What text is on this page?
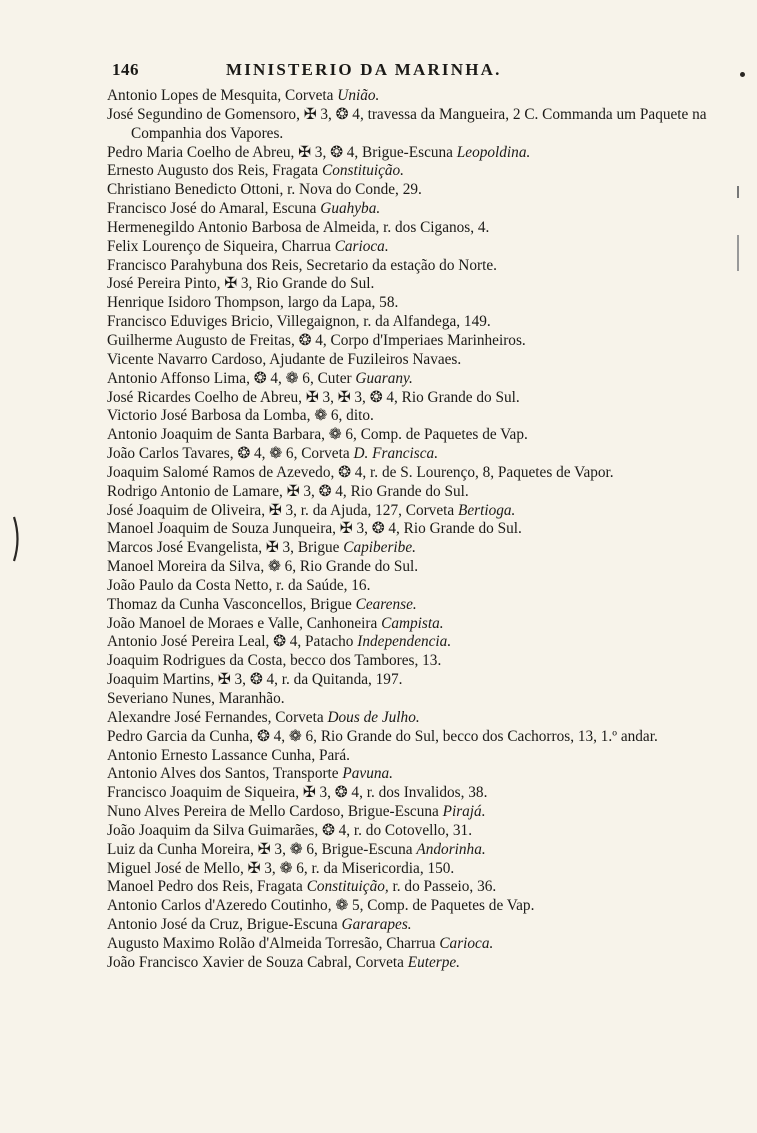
146	MINISTERIO DA MARINHA.

Antonio Lopes de Mesquita, Corveta União.

José Segundino de Gomensoro, ✠ 3, ❂ 4, travessa da Mangueira, 2 C. Commanda um Paquete na Companhia dos Vapores.

Pedro Maria Coelho de Abreu, ✠ 3, ❂ 4, Brigue-Escuna Leopoldina.

Ernesto Augusto dos Reis, Fragata Constituição.

Christiano Benedicto Ottoni, r. Nova do Conde, 29.

Francisco José do Amaral, Escuna Guahyba.

Hermenegildo Antonio Barbosa de Almeida, r. dos Ciganos, 4.

Felix Lourenço de Siqueira, Charrua Carioca.

Francisco Parahybuna dos Reis, Secretario da estação do Norte.

José Pereira Pinto, ✠ 3, Rio Grande do Sul.

Henrique Isidoro Thompson, largo da Lapa, 58.

Francisco Eduviges Bricio, Villegaignon, r. da Alfandega, 149.

Guilherme Augusto de Freitas, ❂ 4, Corpo d'Imperiaes Marinheiros.

Vicente Navarro Cardoso, Ajudante de Fuzileiros Navaes.

Antonio Affonso Lima, ❂ 4, ❁ 6, Cuter Guarany.

José Ricardes Coelho de Abreu, ✠ 3, ✠ 3, ❂ 4, Rio Grande do Sul.

Victorio José Barbosa da Lomba, ❁ 6, dito.

Antonio Joaquim de Santa Barbara, ❁ 6, Comp. de Paquetes de Vap.

João Carlos Tavares, ❂ 4, ❁ 6, Corveta D. Francisca.

Joaquim Salomé Ramos de Azevedo, ❂ 4, r. de S. Lourenço, 8, Paquetes de Vapor.

Rodrigo Antonio de Lamare, ✠ 3, ❂ 4, Rio Grande do Sul.

José Joaquim de Oliveira, ✠ 3, r. da Ajuda, 127, Corveta Bertioga.

Manoel Joaquim de Souza Junqueira, ✠ 3, ❂ 4, Rio Grande do Sul.

Marcos José Evangelista, ✠ 3, Brigue Capiberibe.

Manoel Moreira da Silva, ❁ 6, Rio Grande do Sul.

João Paulo da Costa Netto, r. da Saúde, 16.

Thomaz da Cunha Vasconcellos, Brigue Cearense.

João Manoel de Moraes e Valle, Canhoneira Campista.

Antonio José Pereira Leal, ❂ 4, Patacho Independencia.

Joaquim Rodrigues da Costa, becco dos Tambores, 13.

Joaquim Martins, ✠ 3, ❂ 4, r. da Quitanda, 197.

Severiano Nunes, Maranhão.

Alexandre José Fernandes, Corveta Dous de Julho.

Pedro Garcia da Cunha, ❂ 4, ❁ 6, Rio Grande do Sul, becco dos Cachorros, 13, 1.º andar.

Antonio Ernesto Lassance Cunha, Pará.

Antonio Alves dos Santos, Transporte Pavuna.

Francisco Joaquim de Siqueira, ✠ 3, ❂ 4, r. dos Invalidos, 38.

Nuno Alves Pereira de Mello Cardoso, Brigue-Escuna Pirajá.

João Joaquim da Silva Guimarães, ❂ 4, r. do Cotovello, 31.

Luiz da Cunha Moreira, ✠ 3, ❁ 6, Brigue-Escuna Andorinha.

Miguel José de Mello, ✠ 3, ❁ 6, r. da Misericordia, 150.

Manoel Pedro dos Reis, Fragata Constituição, r. do Passeio, 36.

Antonio Carlos d'Azeredo Coutinho, ❁ 5, Comp. de Paquetes de Vap.

Antonio José da Cruz, Brigue-Escuna Gararapes.

Augusto Maximo Rolão d'Almeida Torresão, Charrua Carioca.

João Francisco Xavier de Souza Cabral, Corveta Euterpe.
